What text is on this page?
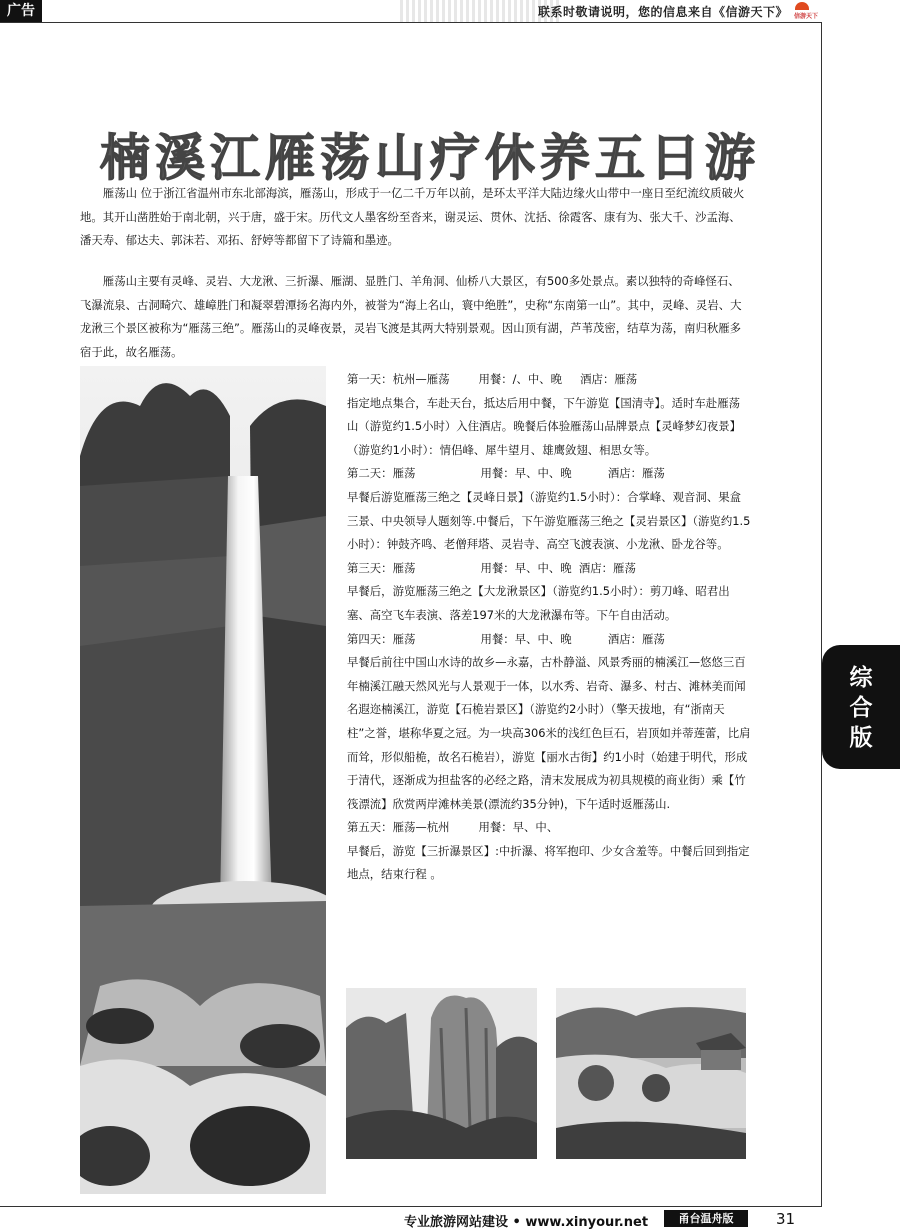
广告	联系时敬请说明，您的信息来自《信游天下》 信游天下
楠溪江雁荡山疗休养五日游

雁荡山 位于浙江省温州市东北部海滨，雁荡山，形成于一亿二千万年以前，是环太平洋大陆边缘火山带中一座日至纪流纹质破火地。其开山凿胜始于南北朝，兴于唐，盛于宋。历代文人墨客纷至沓来，谢灵运、贯休、沈括、徐霞客、康有为、张大千、沙孟海、潘天寿、郁达夫、郭沫若、邓拓、舒婷等都留下了诗篇和墨迹。

雁荡山主要有灵峰、灵岩、大龙湫、三折瀑、雁湖、显胜门、羊角洞、仙桥八大景区，有500多处景点。素以独特的奇峰怪石、飞瀑流泉、古洞畸穴、雄嶂胜门和凝翠碧潭扬名海内外，被誉为“海上名山，寰中绝胜”，史称“东南第一山”。其中，灵峰、灵岩、大龙湫三个景区被称为“雁荡三绝”。雁荡山的灵峰夜景，灵岩飞渡是其两大特别景观。因山顶有湖，芦苇茂密，结草为荡，南归秋雁多宿于此，故名雁荡。

第一天：杭州—雁荡        用餐：/、中、晚     酒店：雁荡

指定地点集合，车赴天台，抵达后用中餐，下午游览【国清寺】。适时车赴雁荡山（游览约1.5小时）入住酒店。晚餐后体验雁荡山品牌景点【灵峰梦幻夜景】（游览约1小时）：情侣峰、犀牛望月、雄鹰敛翅、相思女等。

第二天：雁荡                  用餐：早、中、晚          酒店：雁荡

早餐后游览雁荡三绝之【灵峰日景】（游览约1.5小时）：合掌峰、观音洞、果盒三景、中央领导人题刻等.中餐后，下午游览雁荡三绝之【灵岩景区】（游览约1.5小时）：钟鼓齐鸣、老僧拜塔、灵岩寺、高空飞渡表演、小龙湫、卧龙谷等。

第三天：雁荡                  用餐：早、中、晚  酒店：雁荡

早餐后，游览雁荡三绝之【大龙湫景区】（游览约1.5小时）：剪刀峰、昭君出塞、高空飞车表演、落差197米的大龙湫瀑布等。下午自由活动。

第四天：雁荡                  用餐：早、中、晚          酒店：雁荡

早餐后前往中国山水诗的故乡—永嘉，古朴静溢、风景秀丽的楠溪江—悠悠三百年楠溪江融天然风光与人景观于一体，以水秀、岩奇、瀑多、村古、滩林美而闻名遐迩楠溪江，游览【石桅岩景区】（游览约2小时）（擎天拔地，有“浙南天柱”之誉，堪称华夏之冠。为一块高306米的浅红色巨石，岩顶如并蒂莲蕾，比肩而耸，形似船桅，故名石桅岩），游览【丽水古街】约1小时（始建于明代，形成于清代，逐渐成为担盐客的必经之路，清末发展成为初具规模的商业街）乘【竹筏漂流】欣赏两岸滩林美景(漂流约35分钟)，下午适时返雁荡山.

第五天：雁荡—杭州        用餐：早、中、

早餐后，游览【三折瀑景区】:中折瀑、将军抱印、少女含羞等。中餐后回到指定地点，结束行程 。

综
合
版
专业旅游网站建设 • www.xinyour.net	甬台温舟版	31
